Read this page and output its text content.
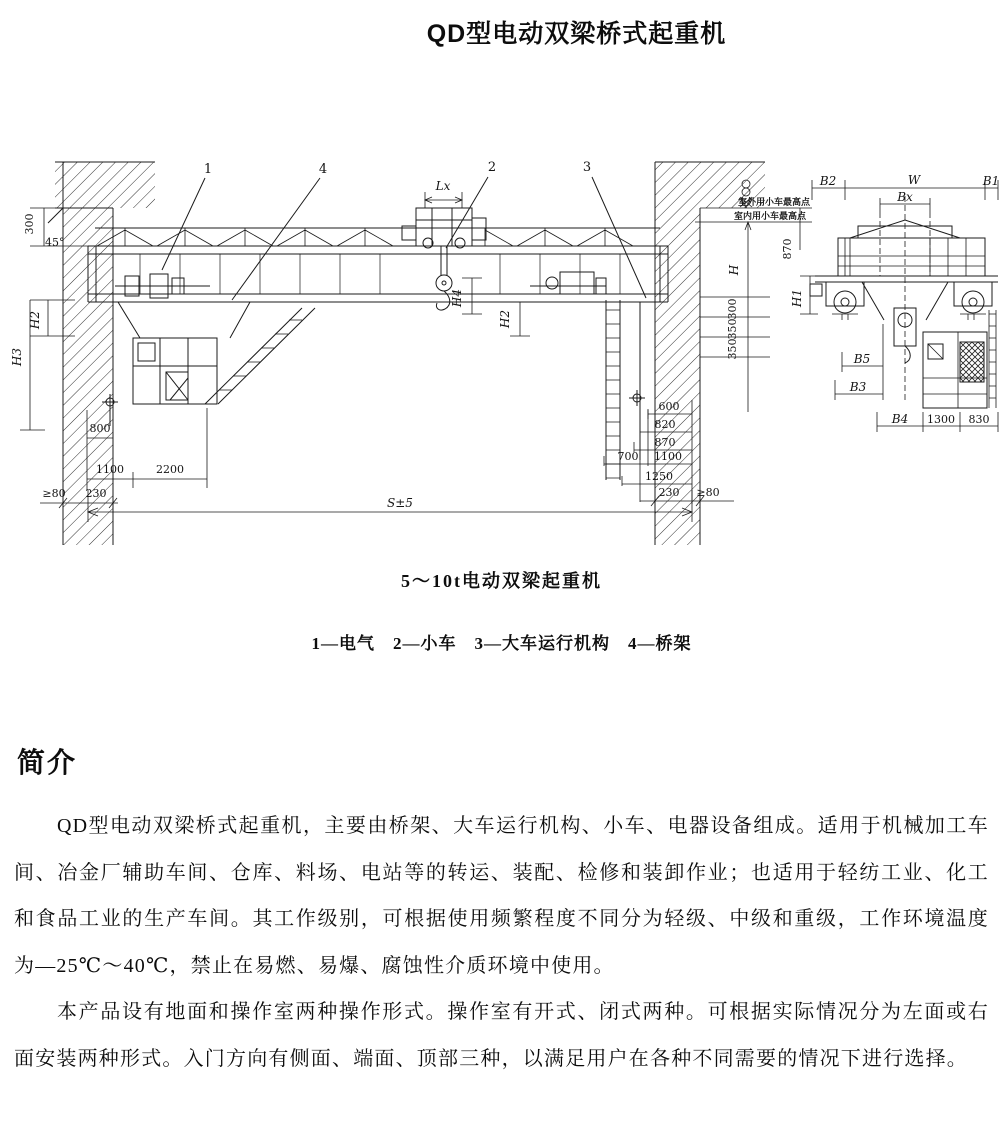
QD型电动双梁桥式起重机
1	4	2	3
300
45°
H2
H3
800
1100	2200
≥80 230
S±5
Lx
H4
H2
室外用小车最高点
室内用小车最高点
H
300
350
350
870
600
820
870
700 1100
1250
230 ≥80
B2	W	B1
Bx
H1
B5
B3
B4 1300 830
5～10t电动双梁起重机
1—电气　2—小车　3—大车运行机构　4—桥架
简介

QD型电动双梁桥式起重机，主要由桥架、大车运行机构、小车、电器设备组成。适用于机械加工车间、冶金厂辅助车间、仓库、料场、电站等的转运、装配、检修和装卸作业；也适用于轻纺工业、化工和食品工业的生产车间。其工作级别，可根据使用频繁程度不同分为轻级、中级和重级，工作环境温度为—25℃～40℃，禁止在易燃、易爆、腐蚀性介质环境中使用。

本产品设有地面和操作室两种操作形式。操作室有开式、闭式两种。可根据实际情况分为左面或右面安装两种形式。入门方向有侧面、端面、顶部三种，以满足用户在各种不同需要的情况下进行选择。
